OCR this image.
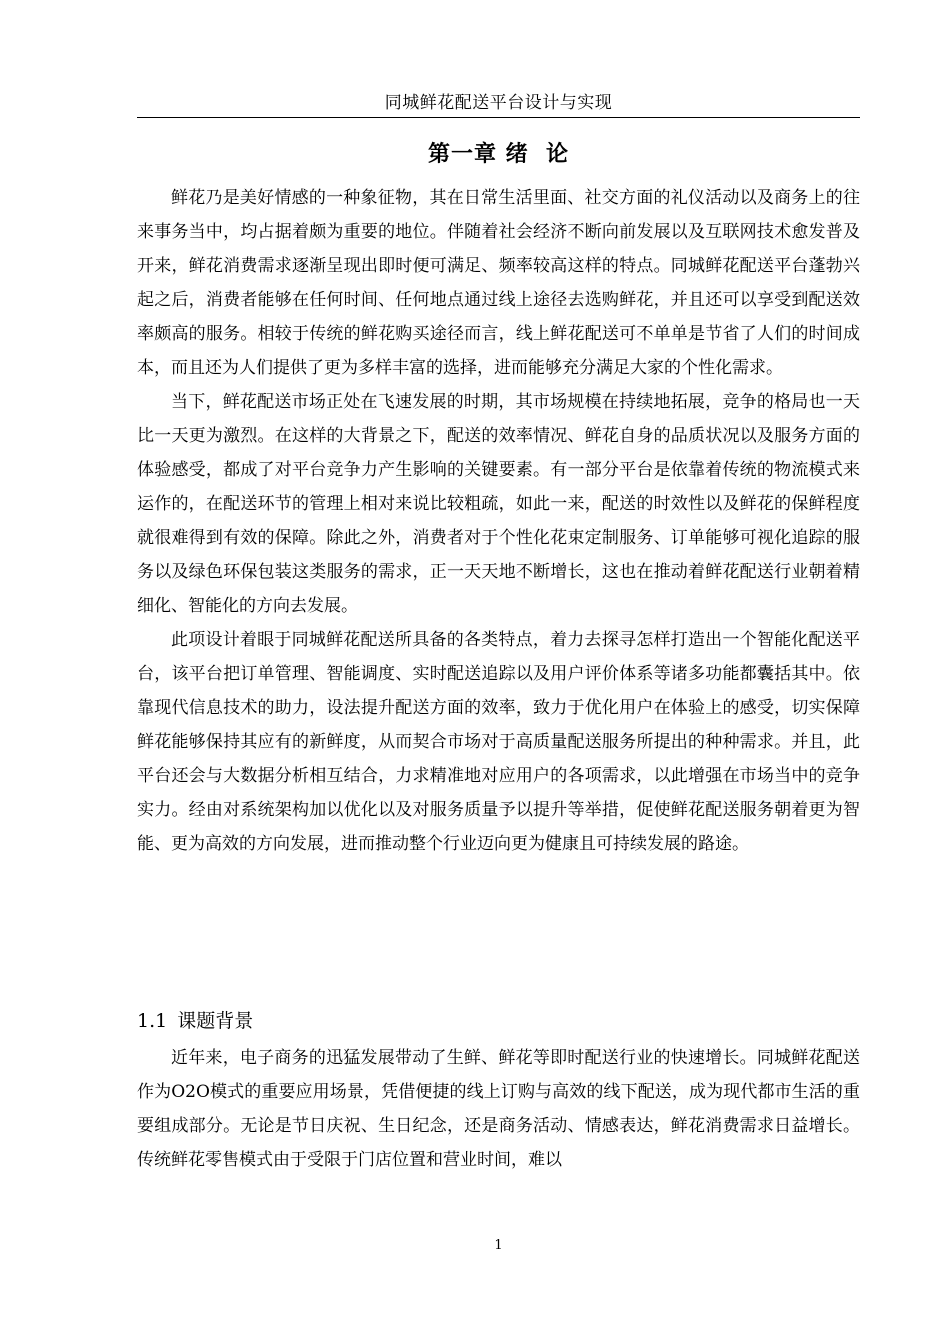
同城鲜花配送平台设计与实现
第一章 绪  论

鲜花乃是美好情感的一种象征物，其在日常生活里面、社交方面的礼仪活动以及商务上的往来事务当中，均占据着颇为重要的地位。伴随着社会经济不断向前发展以及互联网技术愈发普及开来，鲜花消费需求逐渐呈现出即时便可满足、频率较高这样的特点。同城鲜花配送平台蓬勃兴起之后，消费者能够在任何时间、任何地点通过线上途径去选购鲜花，并且还可以享受到配送效率颇高的服务。相较于传统的鲜花购买途径而言，线上鲜花配送可不单单是节省了人们的时间成本，而且还为人们提供了更为多样丰富的选择，进而能够充分满足大家的个性化需求。

当下，鲜花配送市场正处在飞速发展的时期，其市场规模在持续地拓展，竞争的格局也一天比一天更为激烈。在这样的大背景之下，配送的效率情况、鲜花自身的品质状况以及服务方面的体验感受，都成了对平台竞争力产生影响的关键要素。有一部分平台是依靠着传统的物流模式来运作的，在配送环节的管理上相对来说比较粗疏，如此一来，配送的时效性以及鲜花的保鲜程度就很难得到有效的保障。除此之外，消费者对于个性化花束定制服务、订单能够可视化追踪的服务以及绿色环保包装这类服务的需求，正一天天地不断增长，这也在推动着鲜花配送行业朝着精细化、智能化的方向去发展。

此项设计着眼于同城鲜花配送所具备的各类特点，着力去探寻怎样打造出一个智能化配送平台，该平台把订单管理、智能调度、实时配送追踪以及用户评价体系等诸多功能都囊括其中。依靠现代信息技术的助力，设法提升配送方面的效率，致力于优化用户在体验上的感受，切实保障鲜花能够保持其应有的新鲜度，从而契合市场对于高质量配送服务所提出的种种需求。并且，此平台还会与大数据分析相互结合，力求精准地对应用户的各项需求，以此增强在市场当中的竞争实力。经由对系统架构加以优化以及对服务质量予以提升等举措，促使鲜花配送服务朝着更为智能、更为高效的方向发展，进而推动整个行业迈向更为健康且可持续发展的路途。

1.1 课题背景

近年来，电子商务的迅猛发展带动了生鲜、鲜花等即时配送行业的快速增长。同城鲜花配送作为O2O模式的重要应用场景，凭借便捷的线上订购与高效的线下配送，成为现代都市生活的重要组成部分。无论是节日庆祝、生日纪念，还是商务活动、情感表达，鲜花消费需求日益增长。传统鲜花零售模式由于受限于门店位置和营业时间，难以

1
